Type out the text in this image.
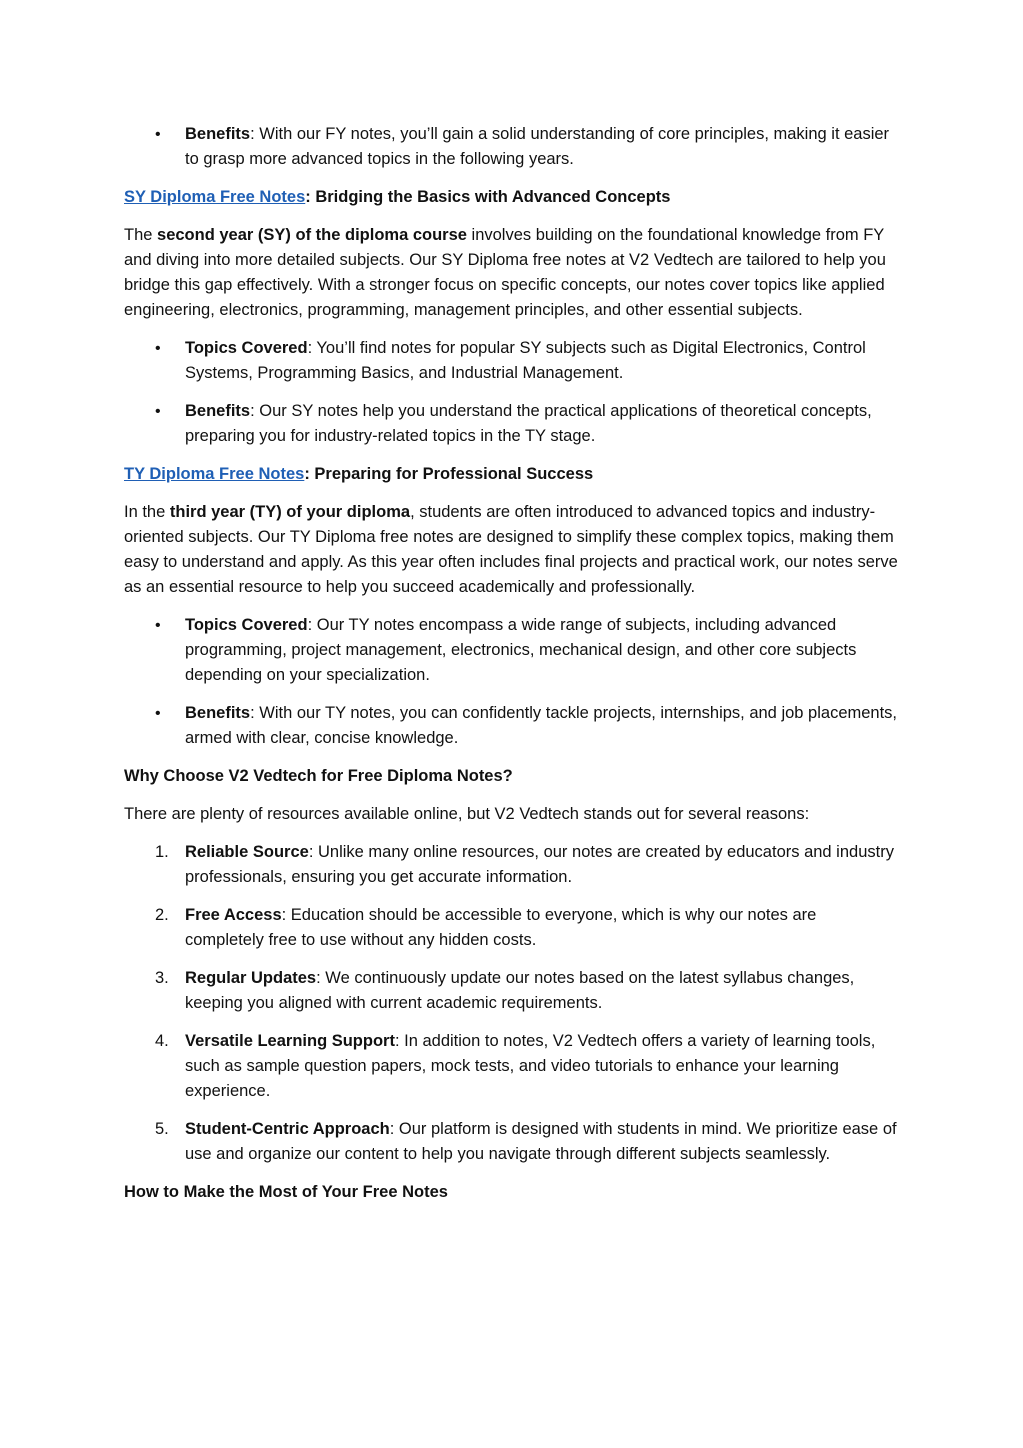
• Benefits: With our FY notes, you’ll gain a solid understanding of core principles, making it easier to grasp more advanced topics in the following years.
SY Diploma Free Notes: Bridging the Basics with Advanced Concepts

The second year (SY) of the diploma course involves building on the foundational knowledge from FY and diving into more detailed subjects. Our SY Diploma free notes at V2 Vedtech are tailored to help you bridge this gap effectively. With a stronger focus on specific concepts, our notes cover topics like applied engineering, electronics, programming, management principles, and other essential subjects.

• Topics Covered: You’ll find notes for popular SY subjects such as Digital Electronics, Control Systems, Programming Basics, and Industrial Management.
• Benefits: Our SY notes help you understand the practical applications of theoretical concepts, preparing you for industry-related topics in the TY stage.
TY Diploma Free Notes: Preparing for Professional Success

In the third year (TY) of your diploma, students are often introduced to advanced topics and industry-oriented subjects. Our TY Diploma free notes are designed to simplify these complex topics, making them easy to understand and apply. As this year often includes final projects and practical work, our notes serve as an essential resource to help you succeed academically and professionally.

• Topics Covered: Our TY notes encompass a wide range of subjects, including advanced programming, project management, electronics, mechanical design, and other core subjects depending on your specialization.
• Benefits: With our TY notes, you can confidently tackle projects, internships, and job placements, armed with clear, concise knowledge.
Why Choose V2 Vedtech for Free Diploma Notes?

There are plenty of resources available online, but V2 Vedtech stands out for several reasons:

1. Reliable Source: Unlike many online resources, our notes are created by educators and industry professionals, ensuring you get accurate information.
2. Free Access: Education should be accessible to everyone, which is why our notes are completely free to use without any hidden costs.
3. Regular Updates: We continuously update our notes based on the latest syllabus changes, keeping you aligned with current academic requirements.
4. Versatile Learning Support: In addition to notes, V2 Vedtech offers a variety of learning tools, such as sample question papers, mock tests, and video tutorials to enhance your learning experience.
5. Student-Centric Approach: Our platform is designed with students in mind. We prioritize ease of use and organize our content to help you navigate through different subjects seamlessly.
How to Make the Most of Your Free Notes
